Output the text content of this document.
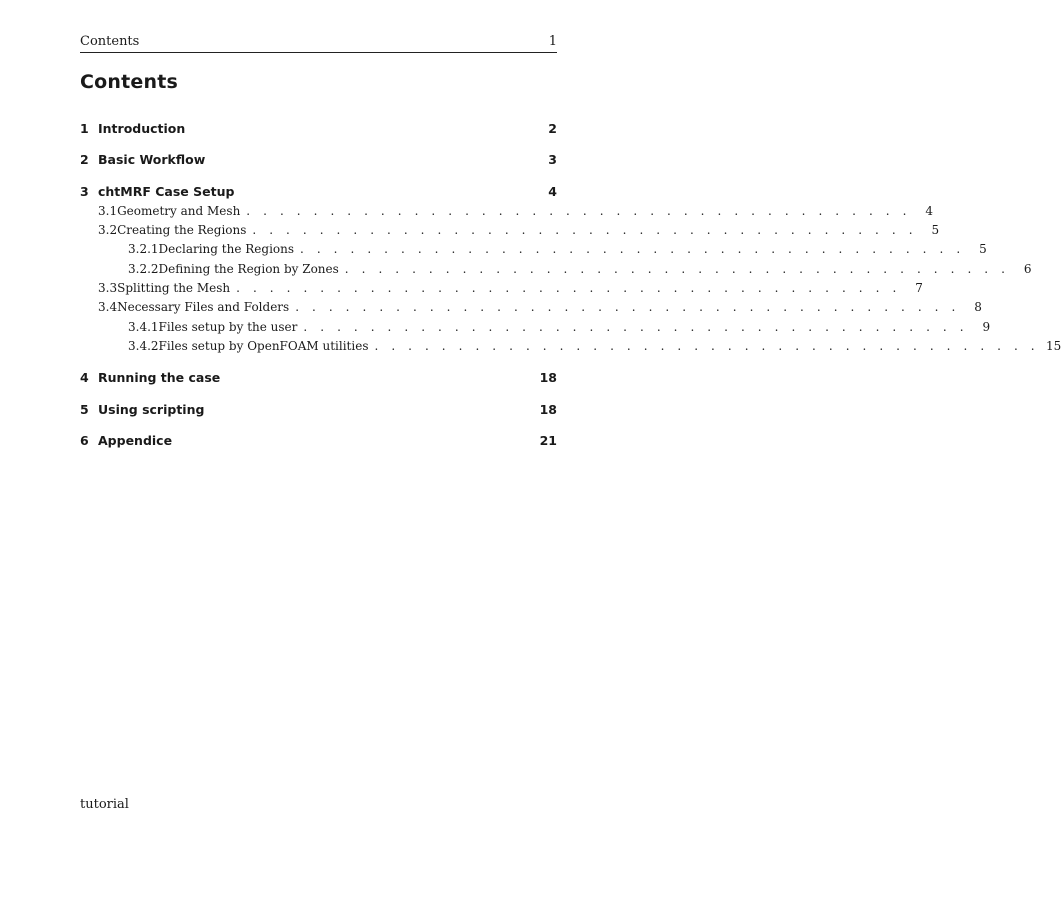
Contents	1
Contents
1 Introduction	2
2 Basic Workflow	3
3 chtMRF Case Setup	4
3.1 Geometry and Mesh . . . . . . . . . . . . . . . . . . . . . . . . . . . . . . . . . . . . . . . .	4
3.2 Creating the Regions . . . . . . . . . . . . . . . . . . . . . . . . . . . . . . . . . . . . . . . .	5
3.2.1 Declaring the Regions . . . . . . . . . . . . . . . . . . . . . . . . . . . . . . . . . . . . . . . .	5
3.2.2 Defining the Region by Zones . . . . . . . . . . . . . . . . . . . . . . . . . . . . . . . . . . . . . . . .	6
3.3 Splitting the Mesh . . . . . . . . . . . . . . . . . . . . . . . . . . . . . . . . . . . . . . . .	7
3.4 Necessary Files and Folders . . . . . . . . . . . . . . . . . . . . . . . . . . . . . . . . . . . . . . . .	8
3.4.1 Files setup by the user . . . . . . . . . . . . . . . . . . . . . . . . . . . . . . . . . . . . . . . .	9
3.4.2 Files setup by OpenFOAM utilities . . . . . . . . . . . . . . . . . . . . . . . . . . . . . . . . . . . . . . . . 15
4 Running the case	18
5 Using scripting	18
6 Appendice	21
tutorial
